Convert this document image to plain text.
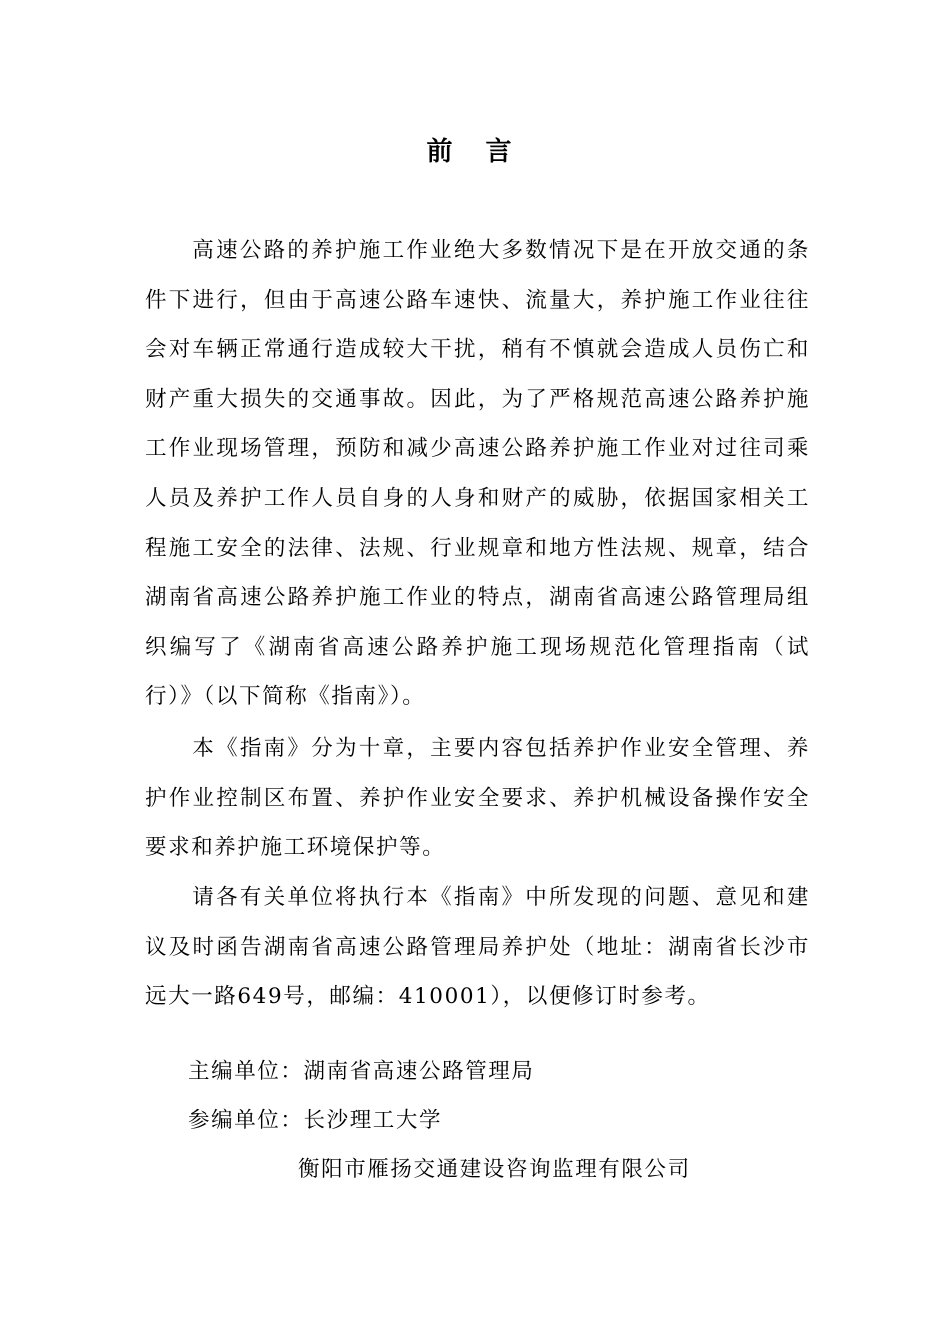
前 言

高速公路的养护施工作业绝大多数情况下是在开放交通的条件下进行，但由于高速公路车速快、流量大，养护施工作业往往会对车辆正常通行造成较大干扰，稍有不慎就会造成人员伤亡和财产重大损失的交通事故。因此，为了严格规范高速公路养护施工作业现场管理，预防和减少高速公路养护施工作业对过往司乘人员及养护工作人员自身的人身和财产的威胁，依据国家相关工程施工安全的法律、法规、行业规章和地方性法规、规章，结合湖南省高速公路养护施工作业的特点，湖南省高速公路管理局组织编写了《湖南省高速公路养护施工现场规范化管理指南（试行）》（以下简称《指南》）。

本《指南》分为十章，主要内容包括养护作业安全管理、养护作业控制区布置、养护作业安全要求、养护机械设备操作安全要求和养护施工环境保护等。

请各有关单位将执行本《指南》中所发现的问题、意见和建议及时函告湖南省高速公路管理局养护处（地址：湖南省长沙市远大一路649号，邮编：410001），以便修订时参考。

主编单位：湖南省高速公路管理局
参编单位：长沙理工大学
衡阳市雁扬交通建设咨询监理有限公司
